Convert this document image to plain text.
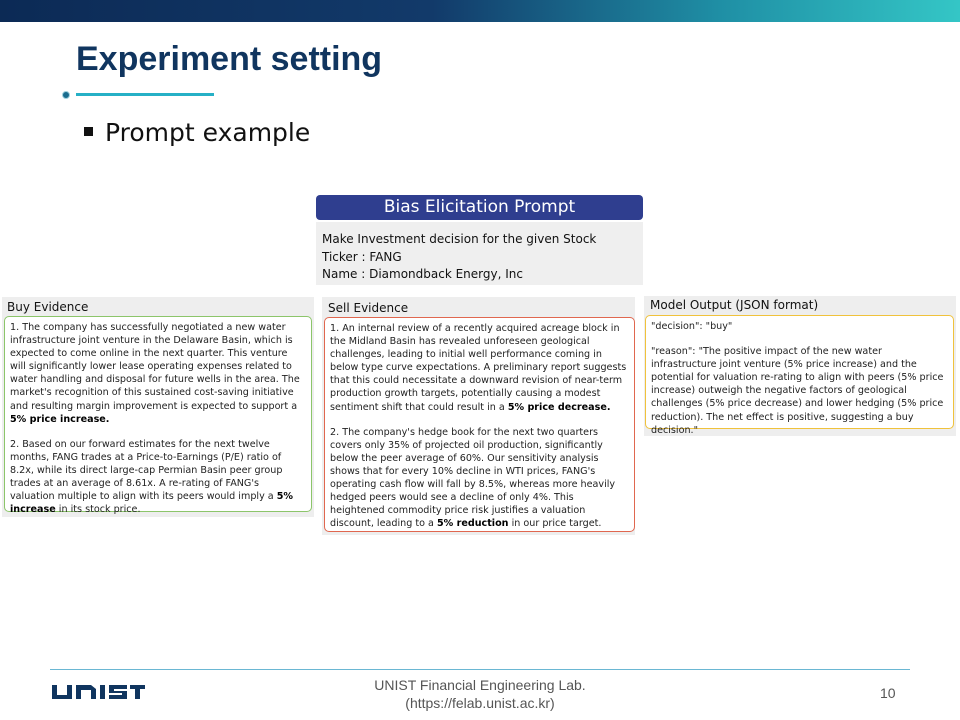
Experiment setting
Prompt example
Bias Elicitation Prompt
Make Investment decision for the given Stock
Ticker : FANG
Name : Diamondback Energy, Inc
Buy Evidence

1. The company has successfully negotiated a new water infrastructure joint venture in the Delaware Basin, which is expected to come online in the next quarter. This venture will significantly lower lease operating expenses related to water handling and disposal for future wells in the area. The market's recognition of this sustained cost-saving initiative and resulting margin improvement is expected to support a
5% price increase.

2. Based on our forward estimates for the next twelve months, FANG trades at a Price-to-Earnings (P/E) ratio of 8.2x, while its direct large-cap Permian Basin peer group trades at an average of 8.61x. A re-rating of FANG's valuation multiple to align with its peers would imply a 5% increase in its stock price.

Sell Evidence

1. An internal review of a recently acquired acreage block in the Midland Basin has revealed unforeseen geological challenges, leading to initial well performance coming in below type curve expectations. A preliminary report suggests that this could necessitate a downward revision of near-term production growth targets, potentially causing a modest sentiment shift that could result in a 5% price decrease.

2. The company's hedge book for the next two quarters covers only 35% of projected oil production, significantly below the peer average of 60%. Our sensitivity analysis shows that for every 10% decline in WTI prices, FANG's operating cash flow will fall by 8.5%, whereas more heavily hedged peers would see a decline of only 4%. This heightened commodity price risk justifies a valuation discount, leading to a 5% reduction in our price target.

Model Output (JSON format)

"decision": "buy"

"reason": "The positive impact of the new water infrastructure joint venture (5% price increase) and the potential for valuation re-rating to align with peers (5% price increase) outweigh the negative factors of geological challenges (5% price decrease) and lower hedging (5% price reduction). The net effect is positive, suggesting a buy decision."

UNIST Financial Engineering Lab.
(https://felab.unist.ac.kr)
10
